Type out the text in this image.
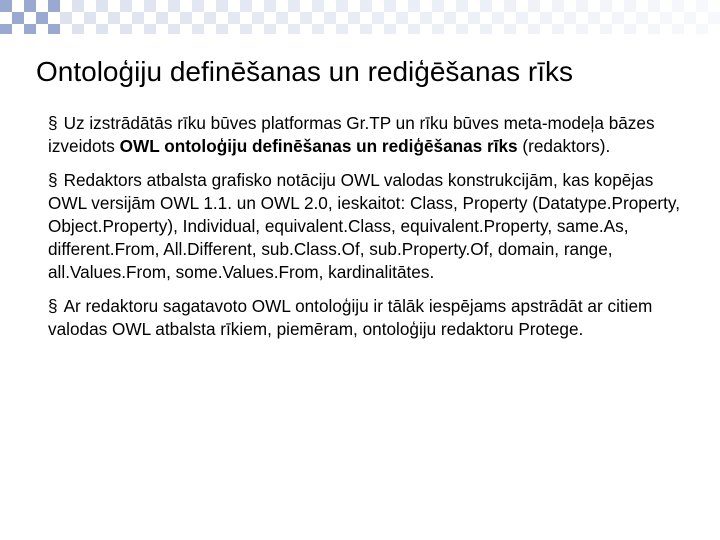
Ontoloģiju definēšanas un rediģēšanas rīks

§ Uz izstrādātās rīku būves platformas Gr.TP un rīku būves meta-modeļa bāzes izveidots OWL ontoloģiju definēšanas un rediģēšanas rīks (redaktors).

§ Redaktors atbalsta grafisko notāciju OWL valodas konstrukcijām, kas kopējas OWL versijām OWL 1.1. un OWL 2.0, ieskaitot: Class, Property (Datatype.Property, Object.Property), Individual, equivalent.Class, equivalent.Property, same.As, different.From, All.Different, sub.Class.Of, sub.Property.Of, domain, range, all.Values.From, some.Values.From, kardinalitātes.

§ Ar redaktoru sagatavoto OWL ontoloģiju ir tālāk iespējams apstrādāt ar citiem valodas OWL atbalsta rīkiem, piemēram, ontoloģiju redaktoru Protege.
